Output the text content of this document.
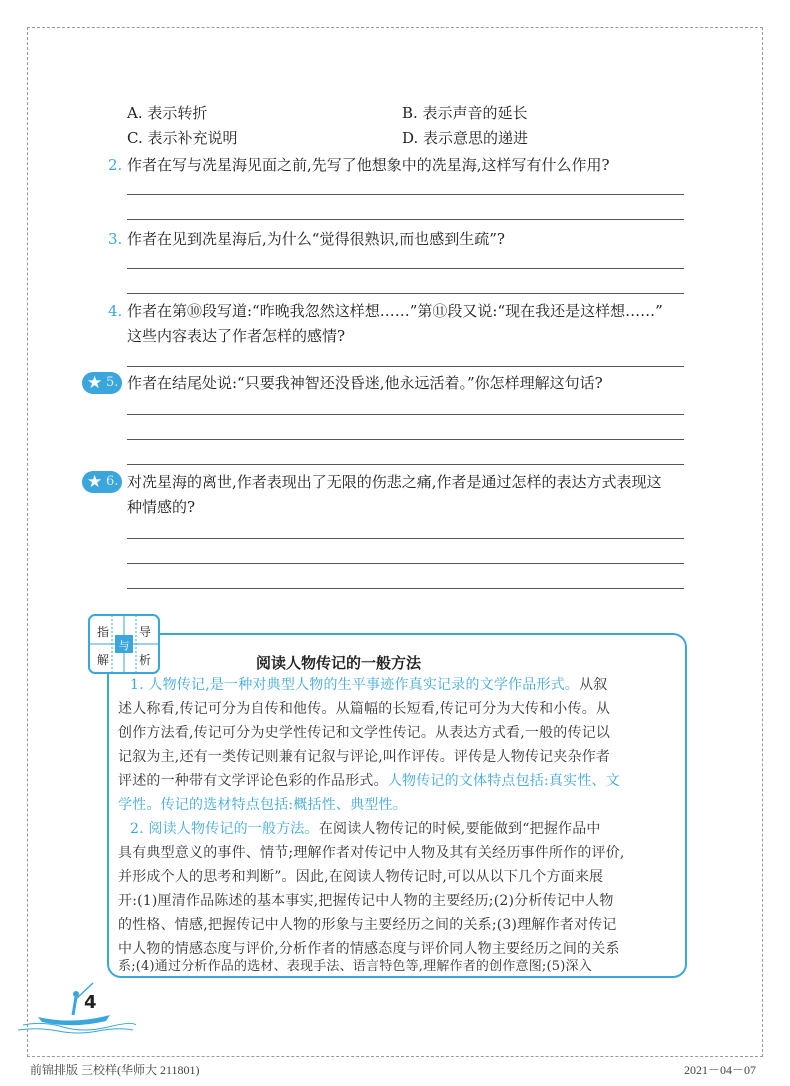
A. 表示转折	B. 表示声音的延长
C. 表示补充说明	D. 表示意思的递进
2. 作者在写与冼星海见面之前,先写了他想象中的冼星海,这样写有什么作用?
3. 作者在见到冼星海后,为什么“觉得很熟识,而也感到生疏”?
4. 作者在第⑩段写道:“昨晚我忽然这样想……”第⑪段又说:“现在我还是这样想……”
这些内容表达了作者怎样的感情?
★ 5. 作者在结尾处说:“只要我神智还没昏迷,他永远活着。”你怎样理解这句话?
★ 6. 对冼星海的离世,作者表现出了无限的伤悲之痛,作者是通过怎样的表达方式表现这
种情感的?
指 导
与
解 析	阅读人物传记的一般方法
1. 人物传记,是一种对典型人物的生平事迹作真实记录的文学作品形式。从叙
述人称看,传记可分为自传和他传。从篇幅的长短看,传记可分为大传和小传。从
创作方法看,传记可分为史学性传记和文学性传记。从表达方式看,一般的传记以
记叙为主,还有一类传记则兼有记叙与评论,叫作评传。评传是人物传记夹杂作者
评述的一种带有文学评论色彩的作品形式。人物传记的文体特点包括:真实性、文
学性。传记的选材特点包括:概括性、典型性。
2. 阅读人物传记的一般方法。在阅读人物传记的时候,要能做到“把握作品中
具有典型意义的事件、情节;理解作者对传记中人物及其有关经历事件所作的评价,
并形成个人的思考和判断”。因此,在阅读人物传记时,可以从以下几个方面来展
开:(1)厘清作品陈述的基本事实,把握传记中人物的主要经历;(2)分析传记中人物
的性格、情感,把握传记中人物的形象与主要经历之间的关系;(3)理解作者对传记
中人物的情感态度与评价,分析作者的情感态度与评价同人物主要经历之间的关系
系;(4)通过分析作品的选材、表现手法、语言特色等,理解作者的创作意图;(5)深入
4
前锦排版 三校样(华师大 211801)	2021－04－07
